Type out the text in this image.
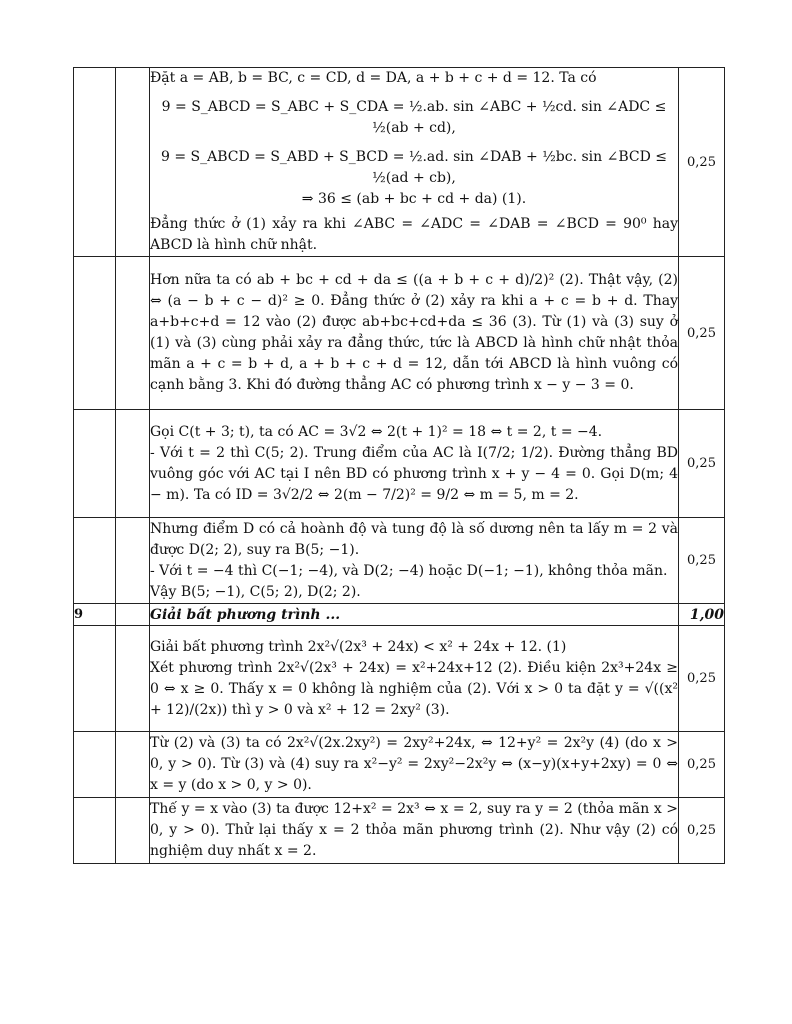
		Đặt a = AB, b = BC, c = CD, d = DA, a + b + c + d = 12. Ta có

9 = S_ABCD = S_ABC + S_CDA = ½.ab. sin ∠ABC + ½cd. sin ∠ADC ≤ ½(ab + cd),

9 = S_ABCD = S_ABD + S_BCD = ½.ad. sin ∠DAB + ½bc. sin ∠BCD ≤ ½(ad + cb),

⇒ 36 ≤ (ab + bc + cd + da) (1).

Đẳng thức ở (1) xảy ra khi ∠ABC = ∠ADC = ∠DAB = ∠BCD = 90⁰ hay ABCD là hình chữ nhật.	0,25

		Hơn nữa ta có ab + bc + cd + da ≤ ((a + b + c + d)/2)² (2). Thật vậy, (2) ⇔ (a − b + c − d)² ≥ 0. Đẳng thức ở (2) xảy ra khi a + c = b + d. Thay a+b+c+d = 12 vào (2) được ab+bc+cd+da ≤ 36 (3). Từ (1) và (3) suy ở (1) và (3) cùng phải xảy ra đẳng thức, tức là ABCD là hình chữ nhật thỏa mãn a + c = b + d, a + b + c + d = 12, dẫn tới ABCD là hình vuông có cạnh bằng 3. Khi đó đường thẳng AC có phương trình x − y − 3 = 0.	0,25

		Gọi C(t + 3; t), ta có AC = 3√2 ⇔ 2(t + 1)² = 18 ⇔ t = 2, t = −4.

- Với t = 2 thì C(5; 2). Trung điểm của AC là I(7/2; 1/2). Đường thẳng BD vuông góc với AC tại I nên BD có phương trình x + y − 4 = 0. Gọi D(m; 4 − m). Ta có ID = 3√2/2 ⇔ 2(m − 7/2)² = 9/2 ⇔ m = 5, m = 2.	0,25

		Nhưng điểm D có cả hoành độ và tung độ là số dương nên ta lấy m = 2 và được D(2; 2), suy ra B(5; −1).

- Với t = −4 thì C(−1; −4), và D(2; −4) hoặc D(−1; −1), không thỏa mãn.

Vậy B(5; −1), C(5; 2), D(2; 2).	0,25
9		Giải bất phương trình ...	1,00

		Giải bất phương trình 2x²√(2x³ + 24x) < x² + 24x + 12. (1)

Xét phương trình 2x²√(2x³ + 24x) = x²+24x+12 (2). Điều kiện 2x³+24x ≥ 0 ⇔ x ≥ 0. Thấy x = 0 không là nghiệm của (2). Với x > 0 ta đặt y = √((x² + 12)/(2x)) thì y > 0 và x² + 12 = 2xy² (3).	0,25

		Từ (2) và (3) ta có 2x²√(2x.2xy²) = 2xy²+24x, ⇔ 12+y² = 2x²y (4) (do x > 0, y > 0). Từ (3) và (4) suy ra x²−y² = 2xy²−2x²y ⇔ (x−y)(x+y+2xy) = 0 ⇔ x = y (do x > 0, y > 0).	0,25

		Thế y = x vào (3) ta được 12+x² = 2x³ ⇔ x = 2, suy ra y = 2 (thỏa mãn x > 0, y > 0). Thử lại thấy x = 2 thỏa mãn phương trình (2). Như vậy (2) có nghiệm duy nhất x = 2.	0,25
